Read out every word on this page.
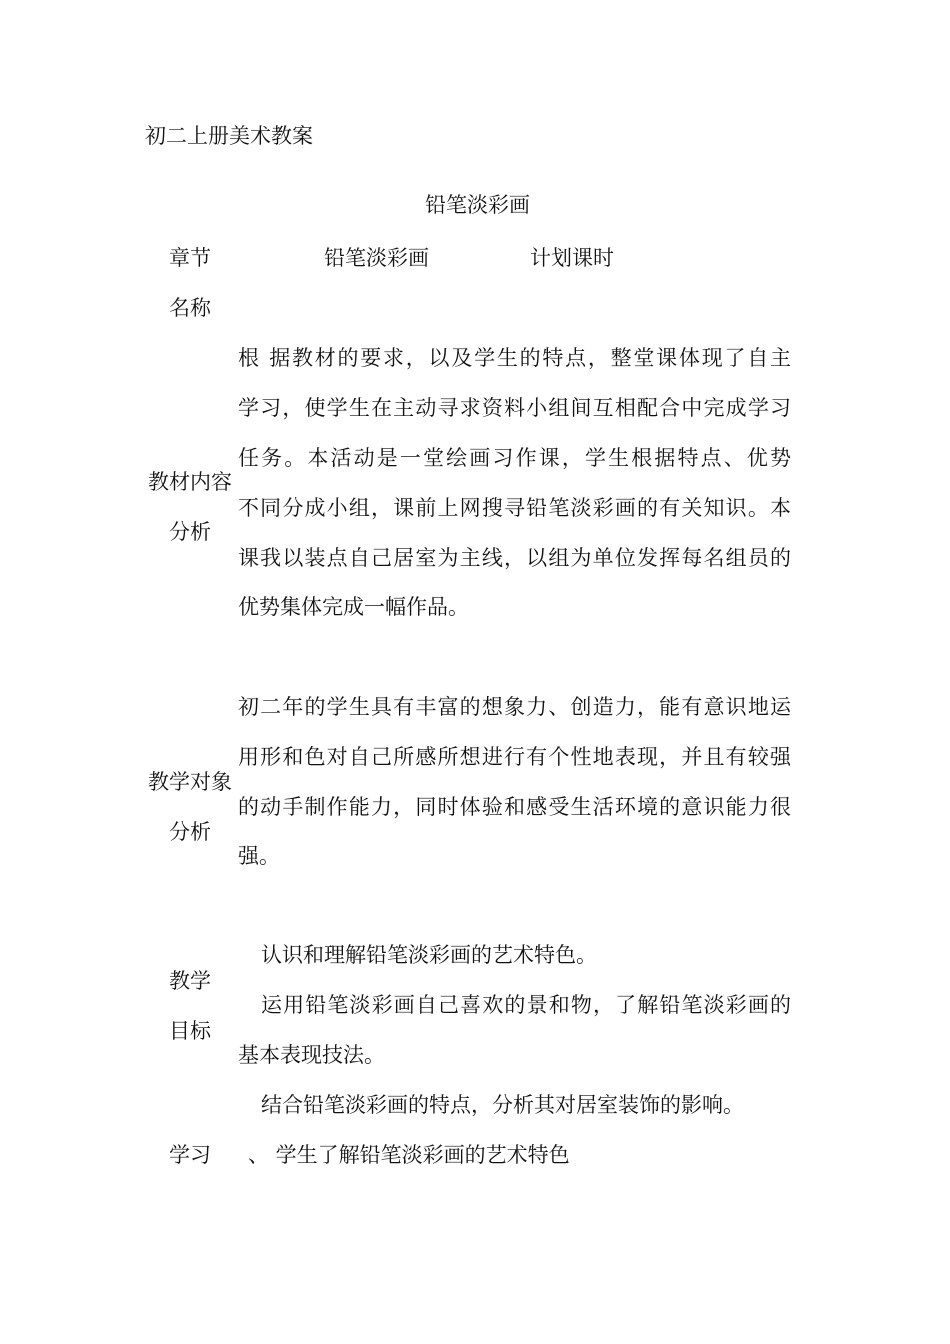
初二上册美术教案
铅笔淡彩画
章节
名称
铅笔淡彩画	计划课时
教材内容
分析
根 据教材的要求，以及学生的特点，整堂课体现了自主
学习，使学生在主动寻求资料小组间互相配合中完成学习
任务。本活动是一堂绘画习作课，学生根据特点、优势
不同分成小组，课前上网搜寻铅笔淡彩画的有关知识。本
课我以装点自己居室为主线，以组为单位发挥每名组员的
优势集体完成一幅作品。
教学对象
分析
初二年的学生具有丰富的想象力、创造力，能有意识地运
用形和色对自己所感所想进行有个性地表现，并且有较强
的动手制作能力，同时体验和感受生活环境的意识能力很
强。
教学
目标
认识和理解铅笔淡彩画的艺术特色。
运用铅笔淡彩画自己喜欢的景和物，了解铅笔淡彩画的
基本表现技法。
结合铅笔淡彩画的特点，分析其对居室装饰的影响。
学习	、 学生了解铅笔淡彩画的艺术特色
